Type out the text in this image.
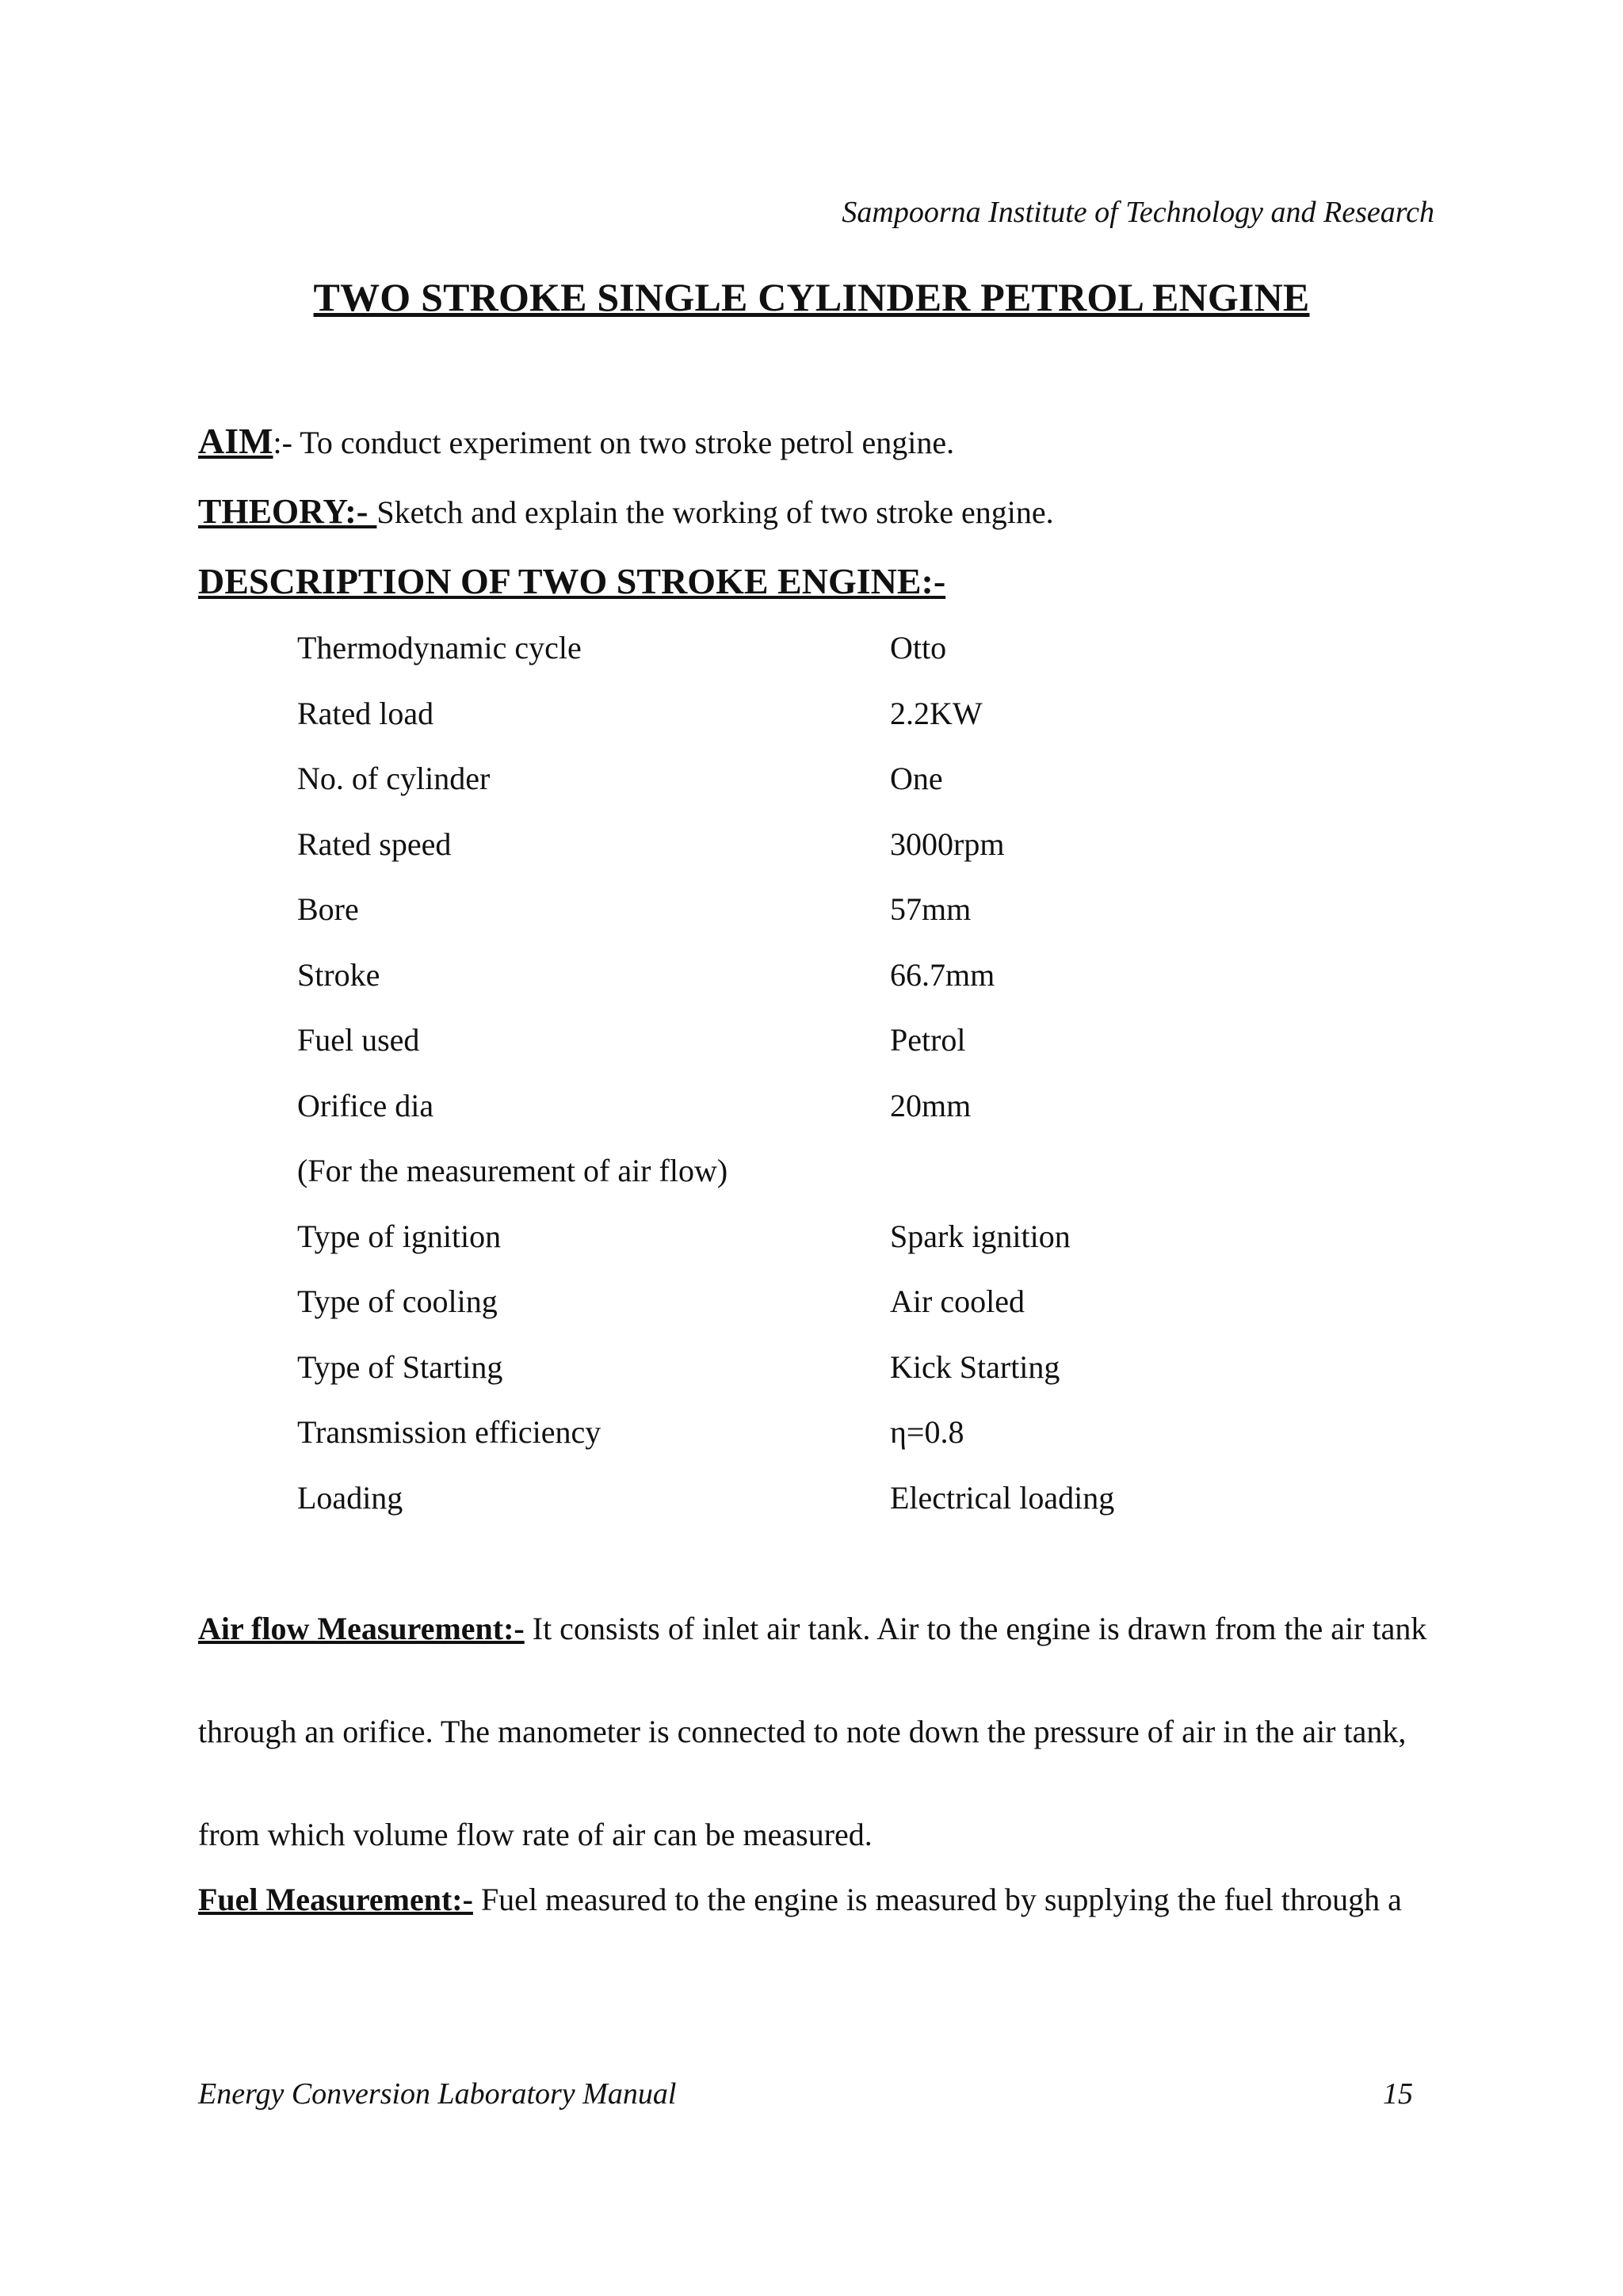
Sampoorna Institute of Technology and Research
TWO STROKE SINGLE CYLINDER PETROL ENGINE
AIM:- To conduct experiment on two stroke petrol engine.
THEORY:- Sketch and explain the working of two stroke engine.
DESCRIPTION OF TWO STROKE ENGINE:-
Thermodynamic cycle	Otto
Rated load	2.2KW
No. of cylinder	One
Rated speed	3000rpm
Bore	57mm
Stroke	66.7mm
Fuel used	Petrol
Orifice dia	20mm
(For the measurement of air flow)	
Type of ignition	Spark ignition
Type of cooling	Air cooled
Type of Starting	Kick Starting
Transmission efficiency	η=0.8
Loading	Electrical loading
Air flow Measurement:- It consists of inlet air tank. Air to the engine is drawn from the air tank
through an orifice. The manometer is connected to note down the pressure of air in the air tank,
from which volume flow rate of air can be measured.
Fuel Measurement:- Fuel measured to the engine is measured by supplying the fuel through a
Energy Conversion Laboratory Manual	15
